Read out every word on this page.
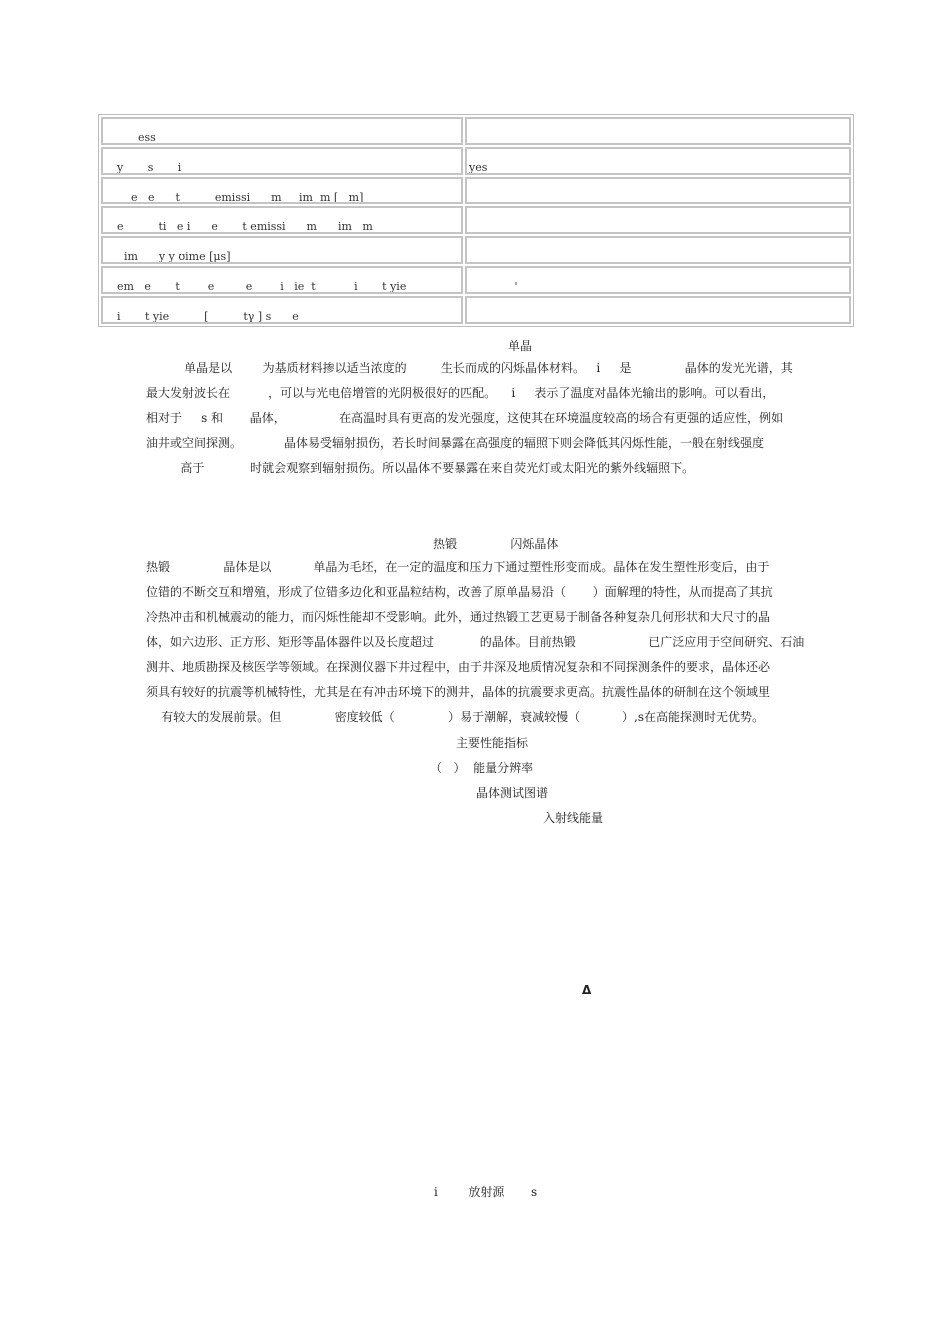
ess
y       s       i	yes
e   e      t          emissi      m     im  m [   m]
e          ti   e i      e       t emissi      m      im   m
im      y y ʊime [μs]
em   e       t        e         e        i   ie  t           i       t yie	'
i       t yie          [          tγ ] s      e
单晶
单晶是以        为基质材料掺以适当浓度的         生长而成的闪烁晶体材料。   i     是              晶体的发光光谱，其
最大发射波长在          ，可以与光电倍增管的光阴极很好的匹配。    i     表示了温度对晶体光输出的影响。可以看出，
相对于     s 和       晶体，              在高温时具有更高的发光强度，这使其在环境温度较高的场合有更强的适应性，例如
油井或空间探测。           晶体易受辐射损伤，若长时间暴露在高强度的辐照下则会降低其闪烁性能，一般在射线强度
高于            时就会观察到辐射损伤。所以晶体不要暴露在来自荧光灯或太阳光的紫外线辐照下。
热锻              闪烁晶体
热锻              晶体是以           单晶为毛坯，在一定的温度和压力下通过塑性形变而成。晶体在发生塑性形变后，由于
位错的不断交互和增殖，形成了位错多边化和亚晶粒结构，改善了原单晶易沿（       ）面解理的特性，从而提高了其抗
冷热冲击和机械震动的能力，而闪烁性能却不受影响。此外，通过热锻工艺更易于制备各种复杂几何形状和大尺寸的晶
体，如六边形、正方形、矩形等晶体器件以及长度超过            的晶体。目前热锻                   已广泛应用于空间研究、石油
测井、地质勘探及核医学等领域。在探测仪器下井过程中，由于井深及地质情况复杂和不同探测条件的要求，晶体还必
须具有较好的抗震等机械特性，尤其是在有冲击环境下的测井，晶体的抗震要求更高。抗震性晶体的研制在这个领域里
有较大的发展前景。但              密度较低（              ）易于潮解，衰减较慢（           ）,s在高能探测时无优势。
主要性能指标
（   ）  能量分辨率
晶体测试图谱
入射线能量
Δ
i        放射源       s
